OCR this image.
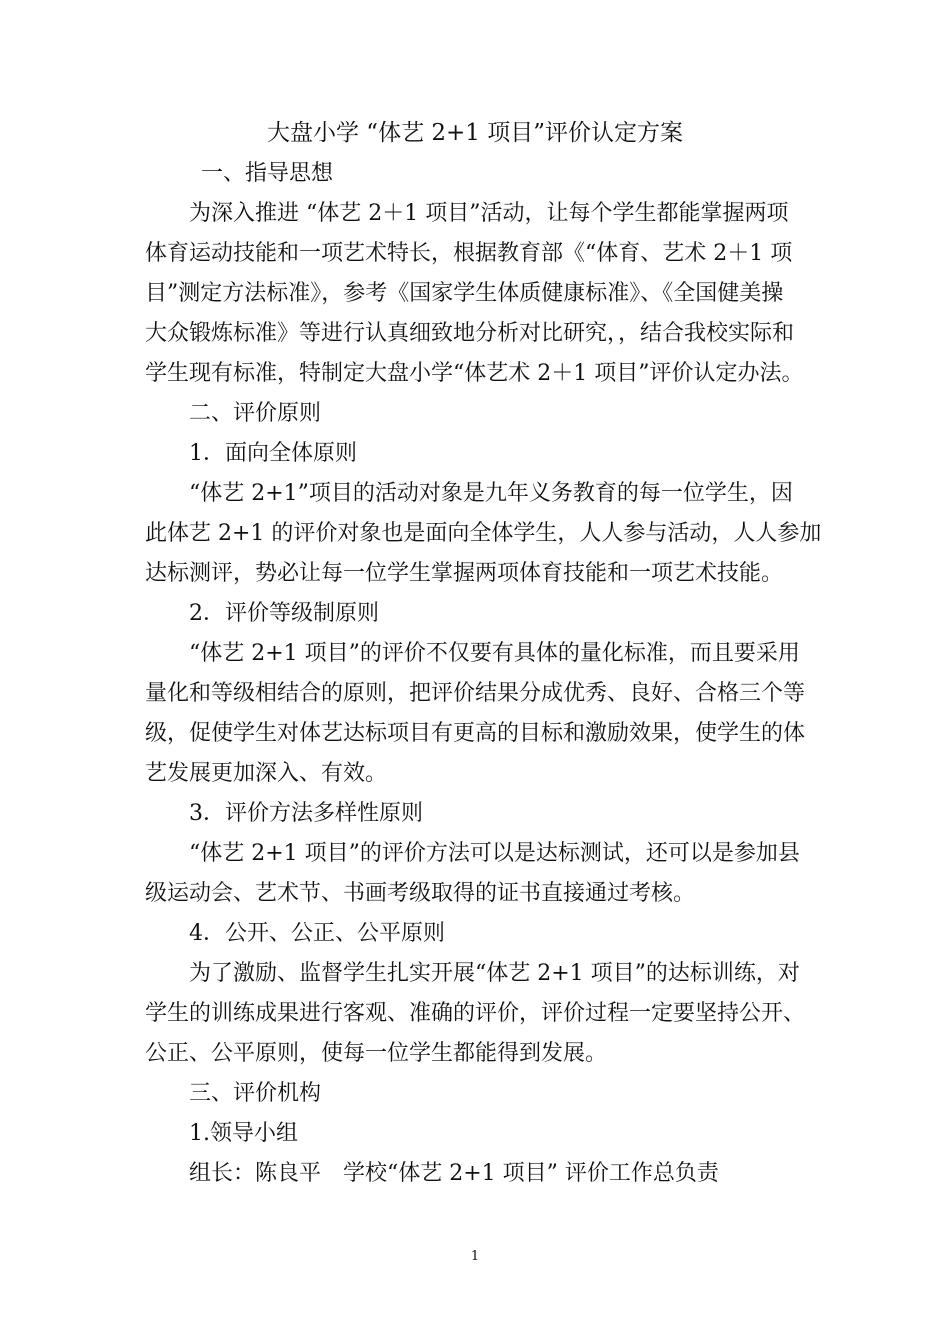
大盘小学 “体艺 2+1 项目”评价认定方案
一、指导思想
为深入推进 “体艺 2＋1 项目”活动，让每个学生都能掌握两项
体育运动技能和一项艺术特长，根据教育部《“体育、艺术 2＋1 项
目”测定方法标准》，参考《国家学生体质健康标准》、《全国健美操
大众锻炼标准》等进行认真细致地分析对比研究，，结合我校实际和
学生现有标准，特制定大盘小学“体艺术 2＋1 项目”评价认定办法。
二、评价原则
1．面向全体原则
“体艺 2+1”项目的活动对象是九年义务教育的每一位学生，因
此体艺 2+1 的评价对象也是面向全体学生，人人参与活动，人人参加
达标测评，势必让每一位学生掌握两项体育技能和一项艺术技能。
2．评价等级制原则
“体艺 2+1 项目”的评价不仅要有具体的量化标准，而且要采用
量化和等级相结合的原则，把评价结果分成优秀、良好、合格三个等
级，促使学生对体艺达标项目有更高的目标和激励效果，使学生的体
艺发展更加深入、有效。
3．评价方法多样性原则
“体艺 2+1 项目”的评价方法可以是达标测试，还可以是参加县
级运动会、艺术节、书画考级取得的证书直接通过考核。
4．公开、公正、公平原则
为了激励、监督学生扎实开展“体艺 2+1 项目”的达标训练，对
学生的训练成果进行客观、准确的评价，评价过程一定要坚持公开、
公正、公平原则，使每一位学生都能得到发展。
三、评价机构
1.领导小组
组长：陈良平　学校“体艺 2+1 项目” 评价工作总负责
1
